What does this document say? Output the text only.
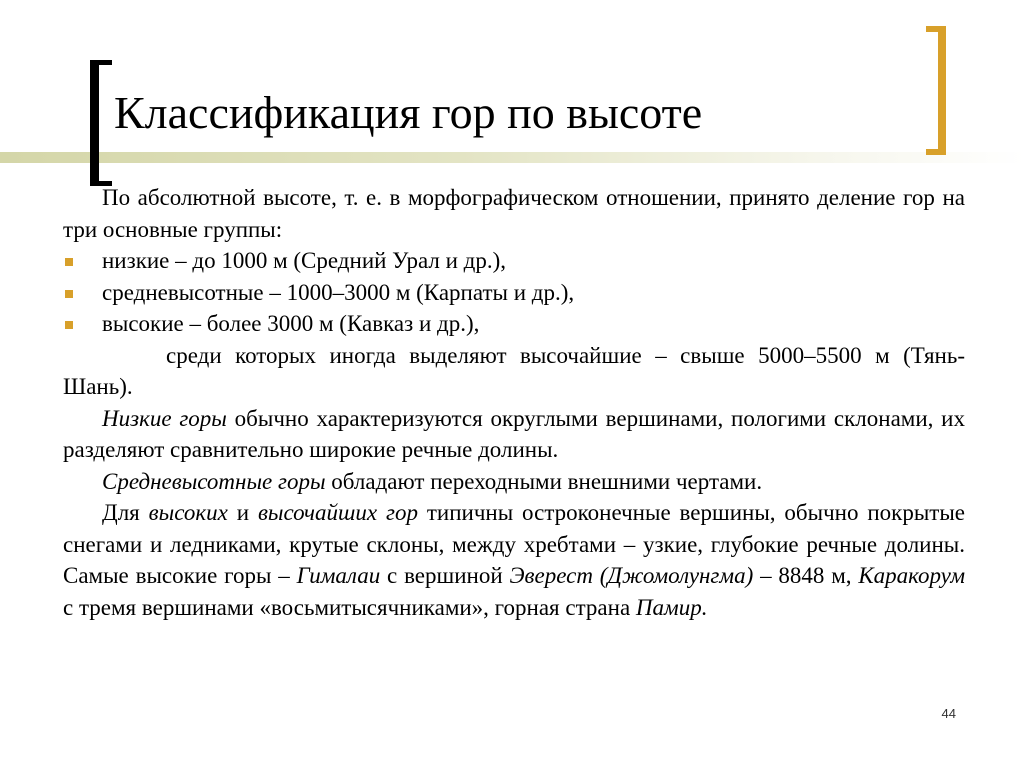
Классификация гор по высоте

По абсолютной высоте, т. е. в морфографическом отношении, принято деление гор на три основные группы:

низкие – до 1000 м (Средний Урал и др.),

средневысотные – 1000–3000 м (Карпаты и др.),

высокие – более 3000 м (Кавказ и др.),

среди которых иногда выделяют высочайшие – свыше 5000–5500 м (Тянь-Шань).

Низкие горы обычно характеризуются округлыми вершинами, пологими склонами, их разделяют сравнительно широкие речные долины.

Средневысотные горы обладают переходными внешними чертами.

Для высоких и высочайших гор типичны остроконечные вершины, обычно покрытые снегами и ледниками, крутые склоны, между хребтами – узкие, глубокие речные долины. Самые высокие горы – Гималаи с вершиной Эверест (Джомолунгма) – 8848 м, Каракорум с тремя вершинами «восьмитысячниками», горная страна Памир.

44
